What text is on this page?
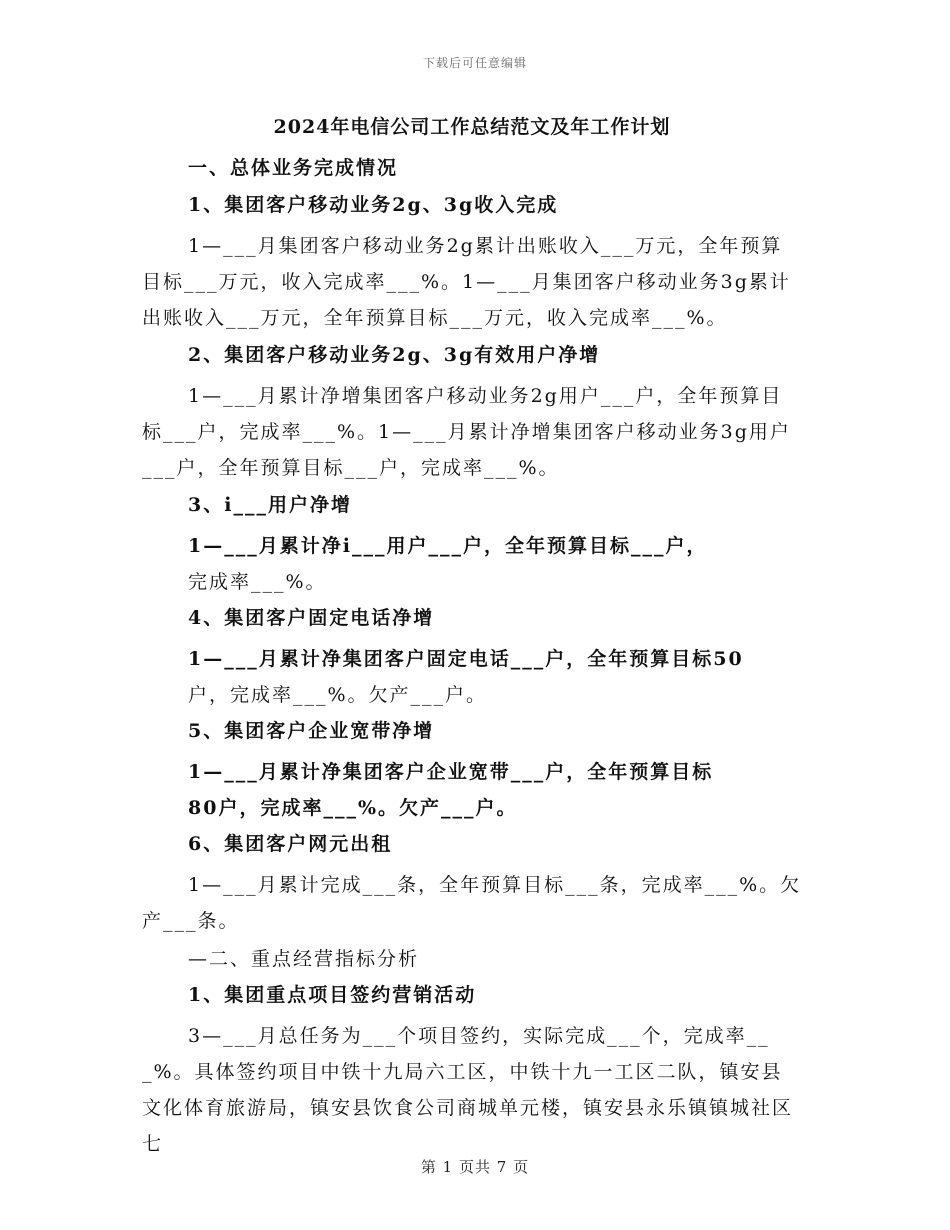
下载后可任意编辑
2024年电信公司工作总结范文及年工作计划
一、总体业务完成情况
1、集团客户移动业务2g、3g收入完成
1—___月集团客户移动业务2g累计出账收入___万元，全年预算目标___万元，收入完成率___%。1—___月集团客户移动业务3g累计出账收入___万元，全年预算目标___万元，收入完成率___%。
2、集团客户移动业务2g、3g有效用户净增
1—___月累计净增集团客户移动业务2g用户___户，全年预算目标___户，完成率___%。1—___月累计净增集团客户移动业务3g用户___户，全年预算目标___户，完成率___%。
3、i___用户净增
1—___月累计净i___用户___户，全年预算目标___户，
完成率___%。
4、集团客户固定电话净增
1—___月累计净集团客户固定电话___户，全年预算目标50
户，完成率___%。欠产___户。
5、集团客户企业宽带净增
1—___月累计净集团客户企业宽带___户，全年预算目标
80户，完成率___%。欠产___户。
6、集团客户网元出租
1—___月累计完成___条，全年预算目标___条，完成率___%。欠产___条。
—二、重点经营指标分析
1、集团重点项目签约营销活动
3—___月总任务为___个项目签约，实际完成___个，完成率___%。具体签约项目中铁十九局六工区，中铁十九一工区二队，镇安县文化体育旅游局，镇安县饮食公司商城单元楼，镇安县永乐镇镇城社区七
第 1 页共 7 页
